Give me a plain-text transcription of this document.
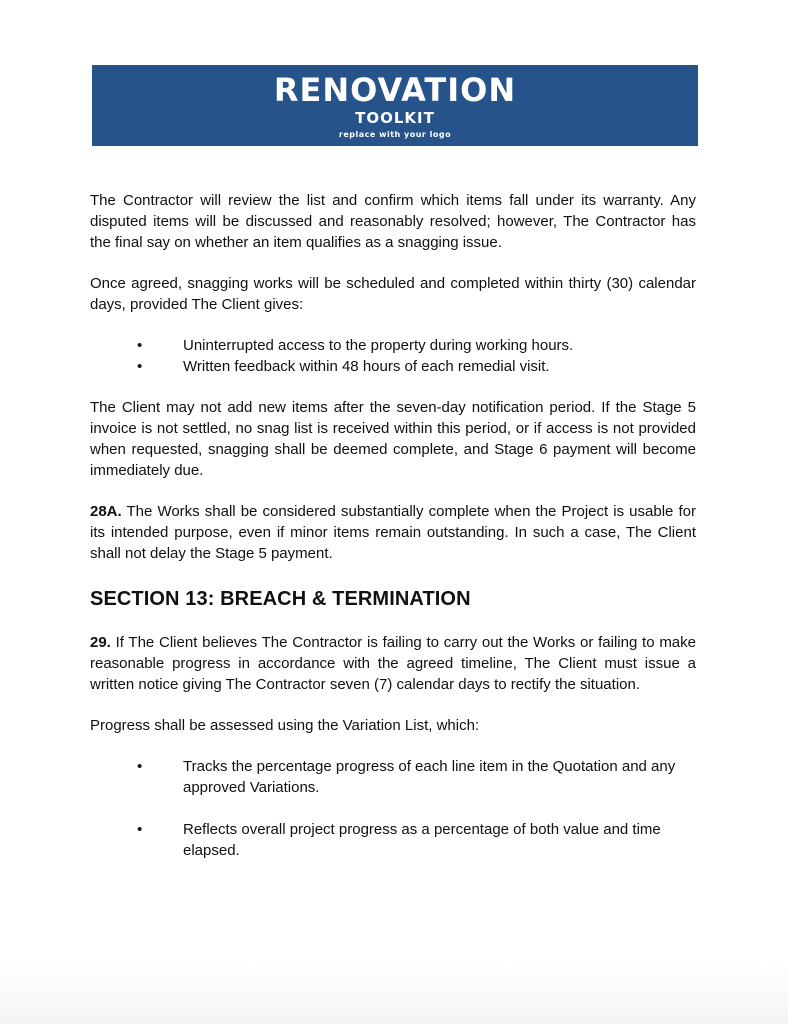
RENOVATION
TOOLKIT
replace with your logo

The Contractor will review the list and confirm which items fall under its warranty. Any disputed items will be discussed and reasonably resolved; however, The Contractor has the final say on whether an item qualifies as a snagging issue.

Once agreed, snagging works will be scheduled and completed within thirty (30) calendar days, provided The Client gives:

•	Uninterrupted access to the property during working hours.
•	Written feedback within 48 hours of each remedial visit.

The Client may not add new items after the seven-day notification period. If the Stage 5 invoice is not settled, no snag list is received within this period, or if access is not provided when requested, snagging shall be deemed complete, and Stage 6 payment will become immediately due.

28A. The Works shall be considered substantially complete when the Project is usable for its intended purpose, even if minor items remain outstanding. In such a case, The Client shall not delay the Stage 5 payment.

SECTION 13: BREACH & TERMINATION

29. If The Client believes The Contractor is failing to carry out the Works or failing to make reasonable progress in accordance with the agreed timeline, The Client must issue a written notice giving The Contractor seven (7) calendar days to rectify the situation.

Progress shall be assessed using the Variation List, which:

•	Tracks the percentage progress of each line item in the Quotation and any approved Variations.
•	Reflects overall project progress as a percentage of both value and time elapsed.
